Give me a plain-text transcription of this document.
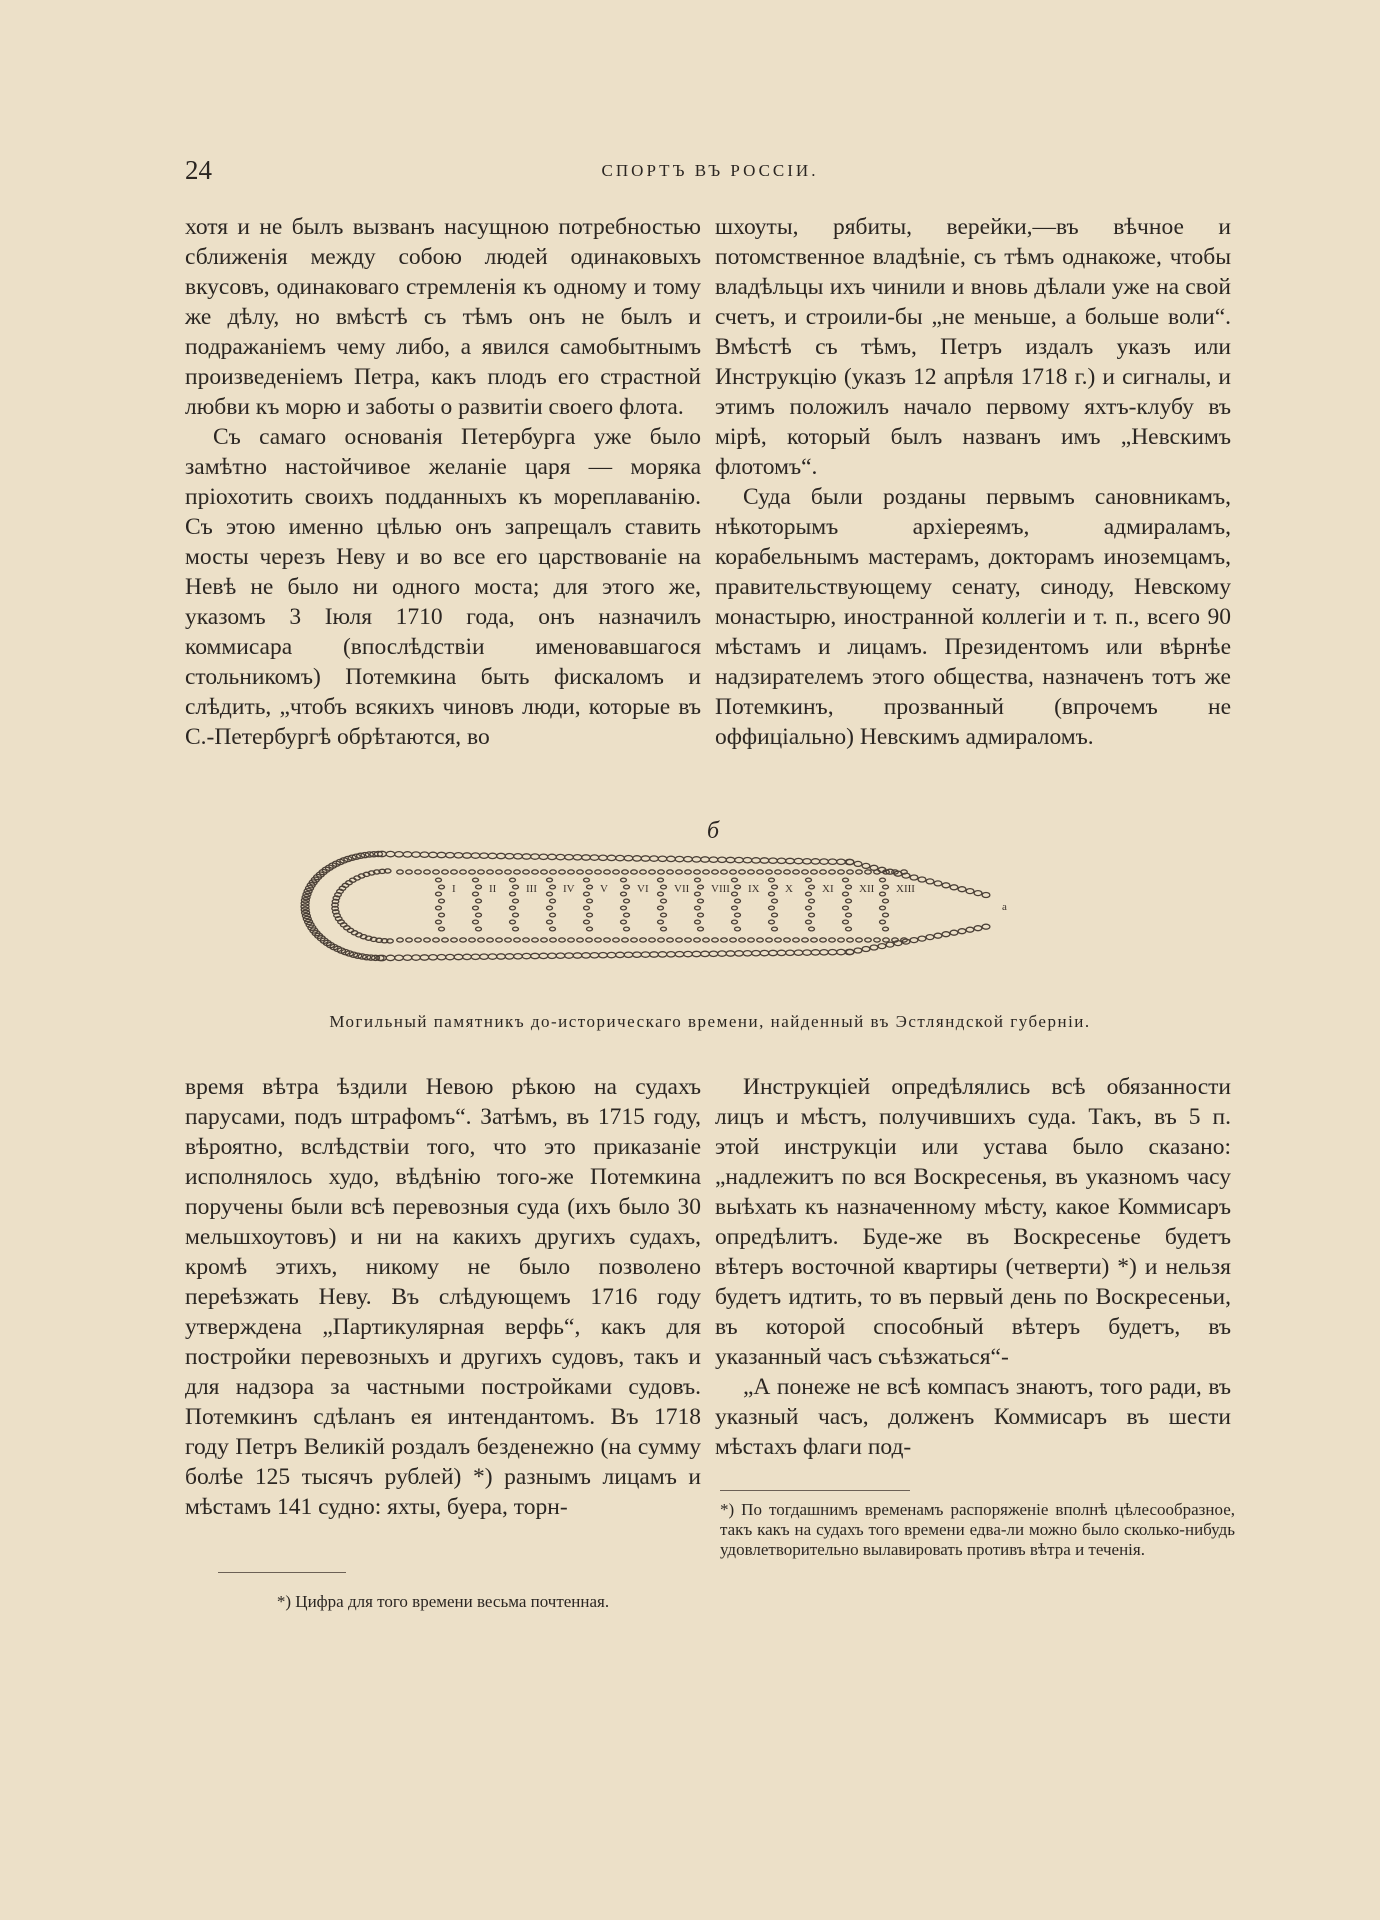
24	СПОРТЪ ВЪ РОССІИ.

хотя и не былъ вызванъ насущною потребностью сближенія между собою людей одинаковыхъ вкусовъ, одинаковаго стремленія къ одному и тому же дѣлу, но вмѣстѣ съ тѣмъ онъ не былъ и подражаніемъ чему либо, а явился самобытнымъ произведеніемъ Петра, какъ плодъ его страстной любви къ морю и заботы о развитіи своего флота.

Съ самаго основанія Петербурга уже было замѣтно настойчивое желаніе царя — моряка пріохотить своихъ подданныхъ къ мореплаванію. Съ этою именно цѣлью онъ запрещалъ ставить мосты черезъ Неву и во все его царствованіе на Невѣ не было ни одного моста; для этого же, указомъ 3 Іюля 1710 года, онъ назначилъ коммисара (впослѣдствіи именовавшагося стольникомъ) Потемкина быть фискаломъ и слѣдить, „чтобъ всякихъ чиновъ люди, которые въ С.-Петербургѣ обрѣтаются, во

шхоуты, рябиты, верейки,—въ вѣчное и потомственное владѣніе, съ тѣмъ однакоже, чтобы владѣльцы ихъ чинили и вновь дѣлали уже на свой счетъ, и строили-бы „не меньше, а больше воли“. Вмѣстѣ съ тѣмъ, Петръ издалъ указъ или Инструкцію (указъ 12 апрѣля 1718 г.) и сигналы, и этимъ положилъ начало первому яхтъ-клубу въ мірѣ, который былъ названъ имъ „Невскимъ флотомъ“.

Суда были розданы первымъ сановникамъ, нѣкоторымъ архіереямъ, адмираламъ, корабельнымъ мастерамъ, докторамъ иноземцамъ, правительствующему сенату, синоду, Невскому монастырю, иностранной коллегіи и т. п., всего 90 мѣстамъ и лицамъ. Президентомъ или вѣрнѣе надзирателемъ этого общества, назначенъ тотъ же Потемкинъ, прозванный (впрочемъ не оффиціально) Невскимъ адмираломъ.

б
I	II	III IV V	VI VII VIII IX X	XI XII XIII
a
Могильный памятникъ до-историческаго времени, найденный въ Эстляндской губерніи.

время вѣтра ѣздили Невою рѣкою на судахъ парусами, подъ штрафомъ“. Затѣмъ, въ 1715 году, вѣроятно, вслѣдствіи того, что это приказаніе исполнялось худо, вѣдѣнію того-же Потемкина поручены были всѣ перевозныя суда (ихъ было 30 мельшхоутовъ) и ни на какихъ другихъ судахъ, кромѣ этихъ, никому не было позволено переѣзжать Неву. Въ слѣдующемъ 1716 году утверждена „Партикулярная верфь“, какъ для постройки перевозныхъ и другихъ судовъ, такъ и для надзора за частными постройками судовъ. Потемкинъ сдѣланъ ея интендантомъ. Въ 1718 году Петръ Великій роздалъ безденежно (на сумму болѣе 125 тысячъ рублей) *) разнымъ лицамъ и мѣстамъ 141 судно: яхты, буера, торн-

Инструкціей опредѣлялись всѣ обязанности лицъ и мѣстъ, получившихъ суда. Такъ, въ 5 п. этой инструкціи или устава было сказано: „надлежитъ по вся Воскресенья, въ указномъ часу выѣхать къ назначенному мѣсту, какое Коммисаръ опредѣлитъ. Буде-же въ Воскресенье будетъ вѣтеръ восточной квартиры (четверти) *) и нельзя будетъ идтить, то въ первый день по Воскресеньи, въ которой способный вѣтеръ будетъ, въ указанный часъ съѣзжаться“-

„А понеже не всѣ компасъ знаютъ, того ради, въ указный часъ, долженъ Коммисаръ въ шести мѣстахъ флаги под-

*) Цифра для того времени весьма почтенная.
*) По тогдашнимъ временамъ распоряженіе вполнѣ цѣлесообразное, такъ какъ на судахъ того времени едва-ли можно было сколько-нибудь удовлетворительно вылавировать противъ вѣтра и теченія.
